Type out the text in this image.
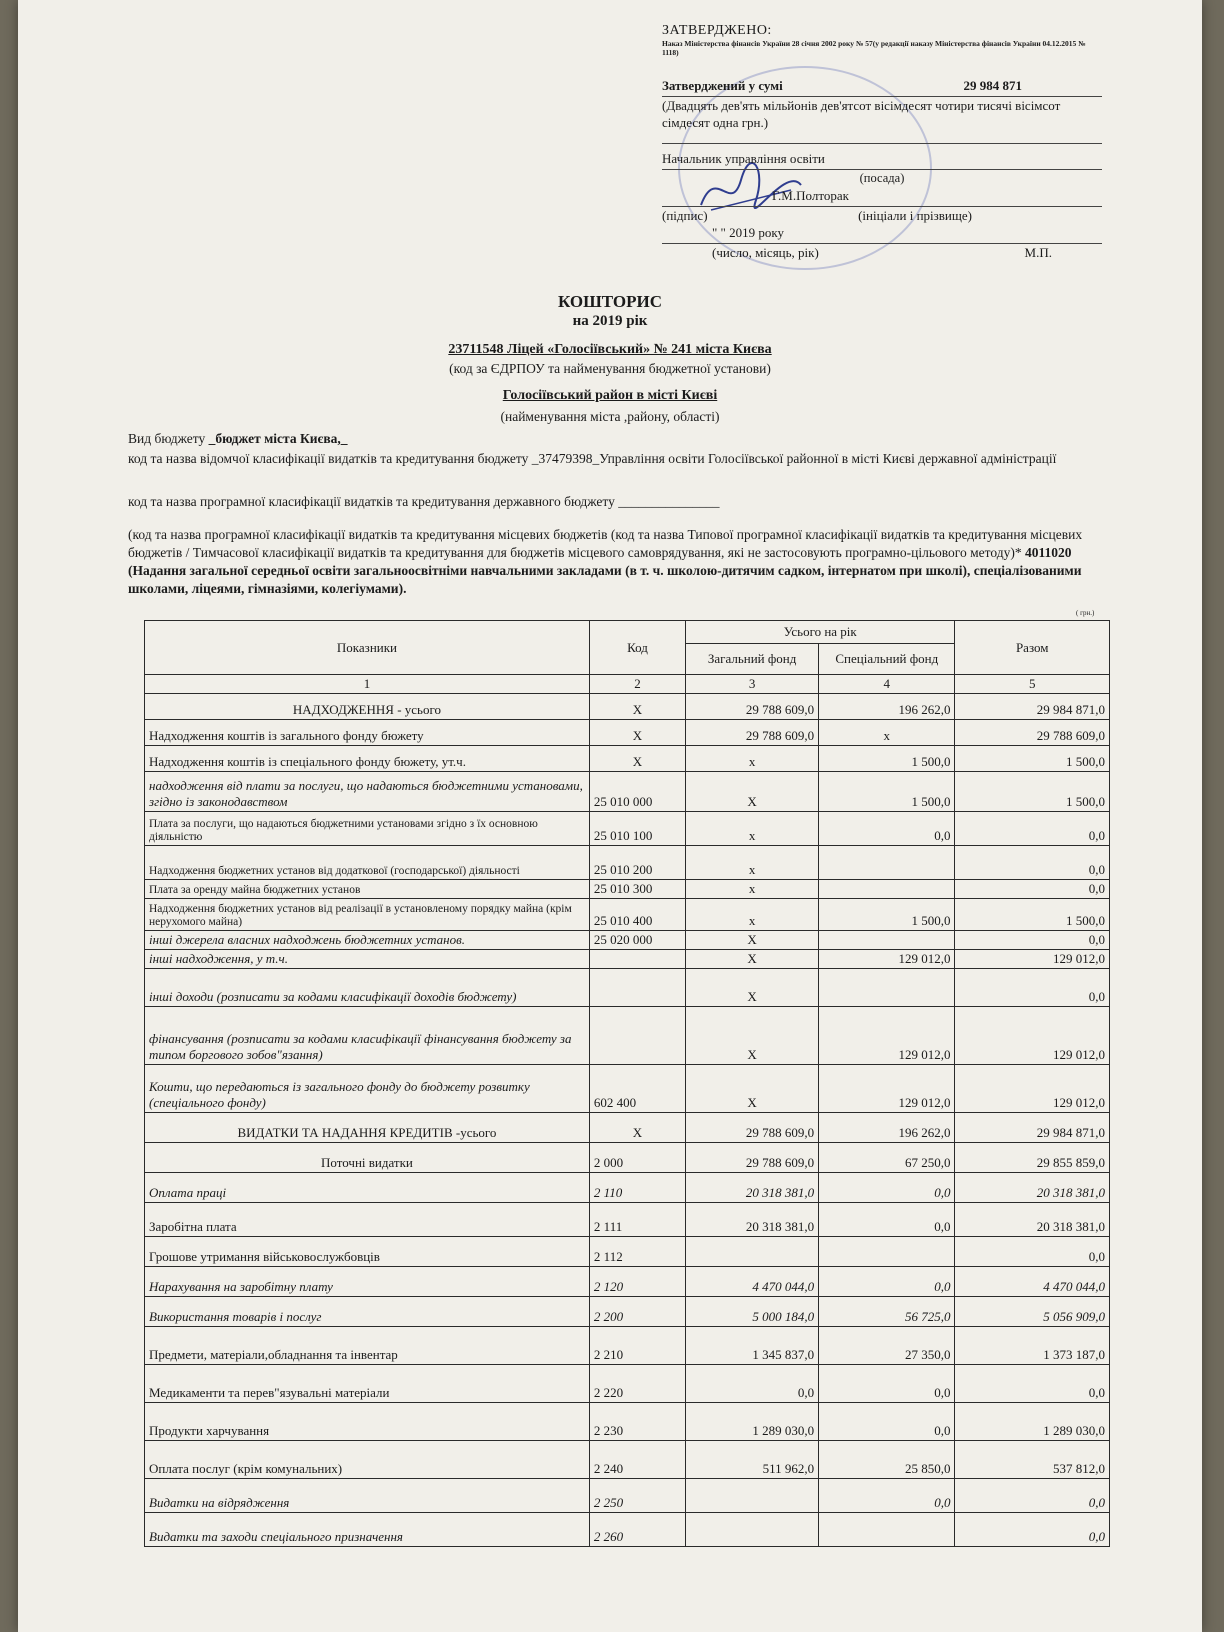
ЗАТВЕРДЖЕНО:
Наказ Міністерства фінансів України 28 січня 2002 року № 57(у редакції наказу Міністерства фінансів України 04.12.2015 № 1118)
Затверджений у сумі	29 984 871
(Двадцять дев'ять мільйонів дев'ятсот вісімдесят чотири тисячі вісімсот сімдесят одна грн.)
Начальник управління освіти
(посада)
Г.М.Полторак
(підпис)	(ініціали і прізвище)
" " 2019 року
(число, місяць, рік)	М.П.
КОШТОРИС
на 2019 рік
23711548 Ліцей «Голосіївський» № 241 міста Києва
(код за ЄДРПОУ та найменування бюджетної установи)
Голосіївський район в місті Києві
(найменування міста ,району, області)
Вид бюджету _бюджет міста Києва,_
код та назва відомчої класифікації видатків та кредитування бюджету _37479398_Управління освіти Голосіївської районної в місті Києві державної адміністрації
код та назва програмної класифікації видатків та кредитування державного бюджету _______________
(код та назва програмної класифікації видатків та кредитування місцевих бюджетів (код та назва Типової програмної класифікації видатків та кредитування місцевих бюджетів / Тимчасової класифікації видатків та кредитування для бюджетів місцевого самоврядування, які не застосовують програмно-цільового методу)* 4011020 (Надання загальної середньої освіти загальноосвітніми навчальними закладами (в т. ч. школою-дитячим садком, інтернатом при школі), спеціалізованими школами, ліцеями, гімназіями, колегіумами).
( грн.)
Показники	Код	Усього на рік		Разом
		Загальний фонд	Спеціальний фонд	
1	2	3	4	5
НАДХОДЖЕННЯ - усього	Х	29 788 609,0	196 262,0	29 984 871,0
Надходження коштів із загального фонду бюжету	Х	29 788 609,0	х	29 788 609,0
Надходження коштів із спеціального фонду бюжету, ут.ч.	Х	х	1 500,0	1 500,0
надходження від плати за послуги, що надаються бюджетними установами, згідно із законодавством	25 010 000	Х	1 500,0	1 500,0
Плата за послуги, що надаються бюджетними установами згідно з їх основною діяльністю	25 010 100	х	0,0	0,0
Надходження бюджетних установ від додаткової (господарської) діяльності	25 010 200	х		0,0
Плата за оренду майна бюджетних установ	25 010 300	х		0,0
Надходження бюджетних установ від реалізації в установленому порядку майна (крім нерухомого майна)	25 010 400	х	1 500,0	1 500,0
інші джерела власних надходжень бюджетних установ.	25 020 000	Х		0,0
інші надходження, у т.ч.		Х	129 012,0	129 012,0
інші доходи (розписати за кодами класифікації доходів бюджету)		Х		0,0
фінансування (розписати за кодами класифікації фінансування бюджету за типом боргового зобов"язання)		Х	129 012,0	129 012,0
Кошти, що передаються із загального фонду до бюджету розвитку (спеціального фонду)	602 400	Х	129 012,0	129 012,0
ВИДАТКИ ТА НАДАННЯ КРЕДИТІВ -усього	Х	29 788 609,0	196 262,0	29 984 871,0
Поточні видатки	2 000	29 788 609,0	67 250,0	29 855 859,0
Оплата праці	2 110	20 318 381,0	0,0	20 318 381,0
Заробітна плата	2 111	20 318 381,0	0,0	20 318 381,0
Грошове утримання військовослужбовців	2 112			0,0
Нарахування на заробітну плату	2 120	4 470 044,0	0,0	4 470 044,0
Використання товарів і послуг	2 200	5 000 184,0	56 725,0	5 056 909,0
Предмети, матеріали,обладнання та інвентар	2 210	1 345 837,0	27 350,0	1 373 187,0
Медикаменти та перев"язувальні матеріали	2 220	0,0	0,0	0,0
Продукти харчування	2 230	1 289 030,0	0,0	1 289 030,0
Оплата послуг (крім комунальних)	2 240	511 962,0	25 850,0	537 812,0
Видатки на відрядження	2 250		0,0	0,0
Видатки та заходи спеціального призначення	2 260			0,0
